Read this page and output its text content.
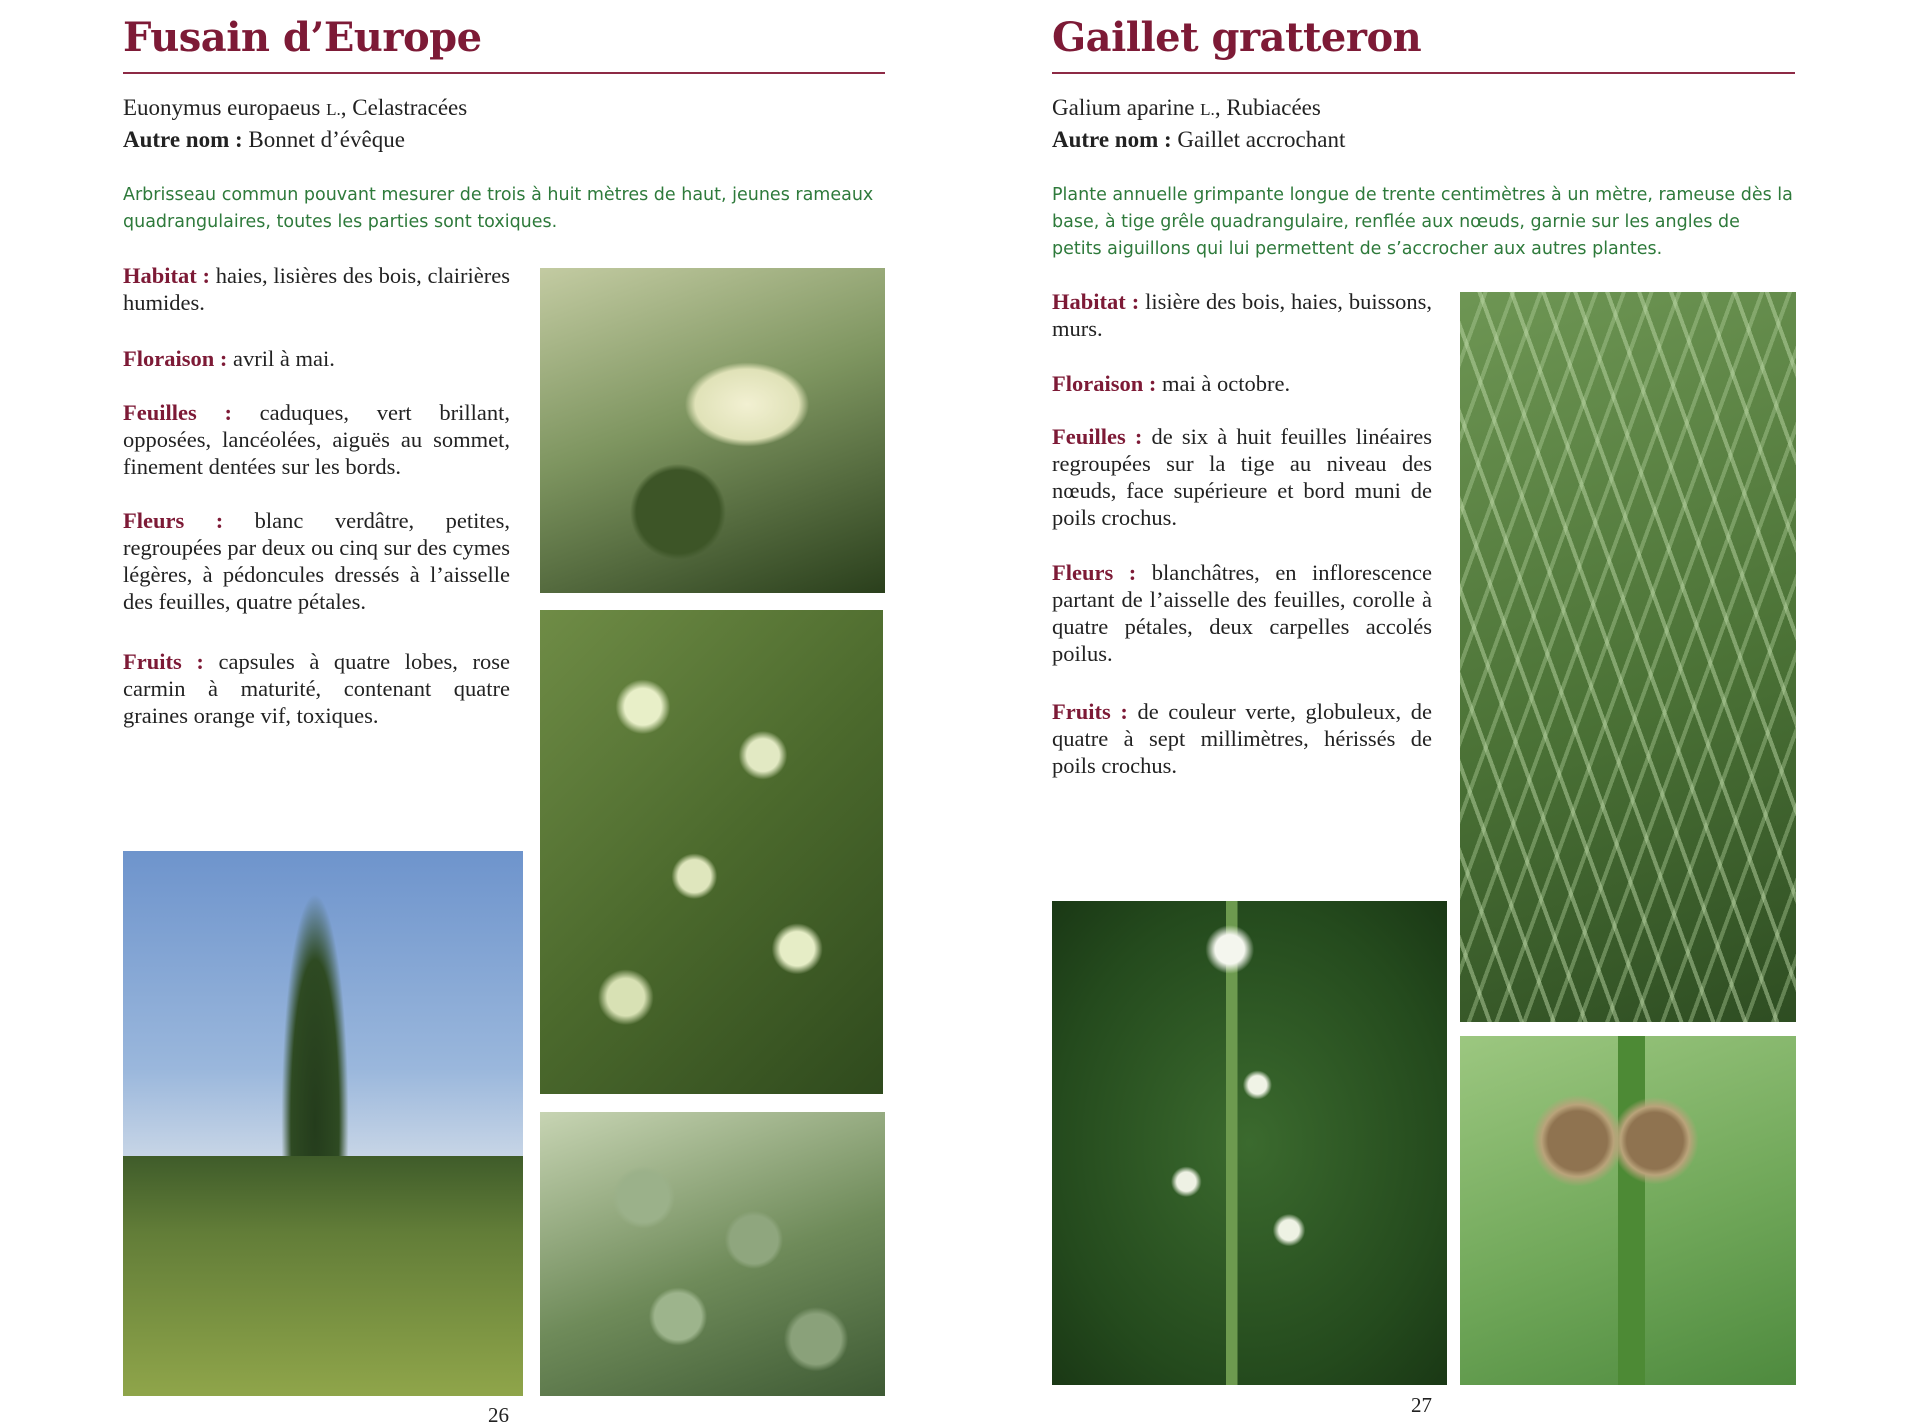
Fusain d’Europe
Euonymus europaeus L., Celastracées
Autre nom : Bonnet d’évêque

Arbrisseau commun pouvant mesurer de trois à huit mètres de haut, jeunes rameaux quadrangulaires, toutes les parties sont toxiques.

Habitat : haies, lisières des bois, clairières humides.

Floraison : avril à mai.

Feuilles : caduques, vert brillant, opposées, lancéolées, aiguës au sommet, finement dentées sur les bords.

Fleurs : blanc verdâtre, petites, regroupées par deux ou cinq sur des cymes légères, à pédoncules dressés à l’aisselle des feuilles, quatre pétales.

Fruits : capsules à quatre lobes, rose carmin à maturité, contenant quatre graines orange vif, toxiques.

26
Gaillet gratteron
Galium aparine L., Rubiacées
Autre nom : Gaillet accrochant

Plante annuelle grimpante longue de trente centimètres à un mètre, rameuse dès la base, à tige grêle quadrangulaire, renflée aux nœuds, garnie sur les angles de petits aiguillons qui lui permettent de s’accrocher aux autres plantes.

Habitat : lisière des bois, haies, buissons, murs.

Floraison : mai à octobre.

Feuilles : de six à huit feuilles linéaires regroupées sur la tige au niveau des nœuds, face supérieure et bord muni de poils crochus.

Fleurs : blanchâtres, en inflorescence partant de l’aisselle des feuilles, corolle à quatre pétales, deux carpelles accolés poilus.

Fruits : de couleur verte, globuleux, de quatre à sept millimètres, hérissés de poils crochus.

27
